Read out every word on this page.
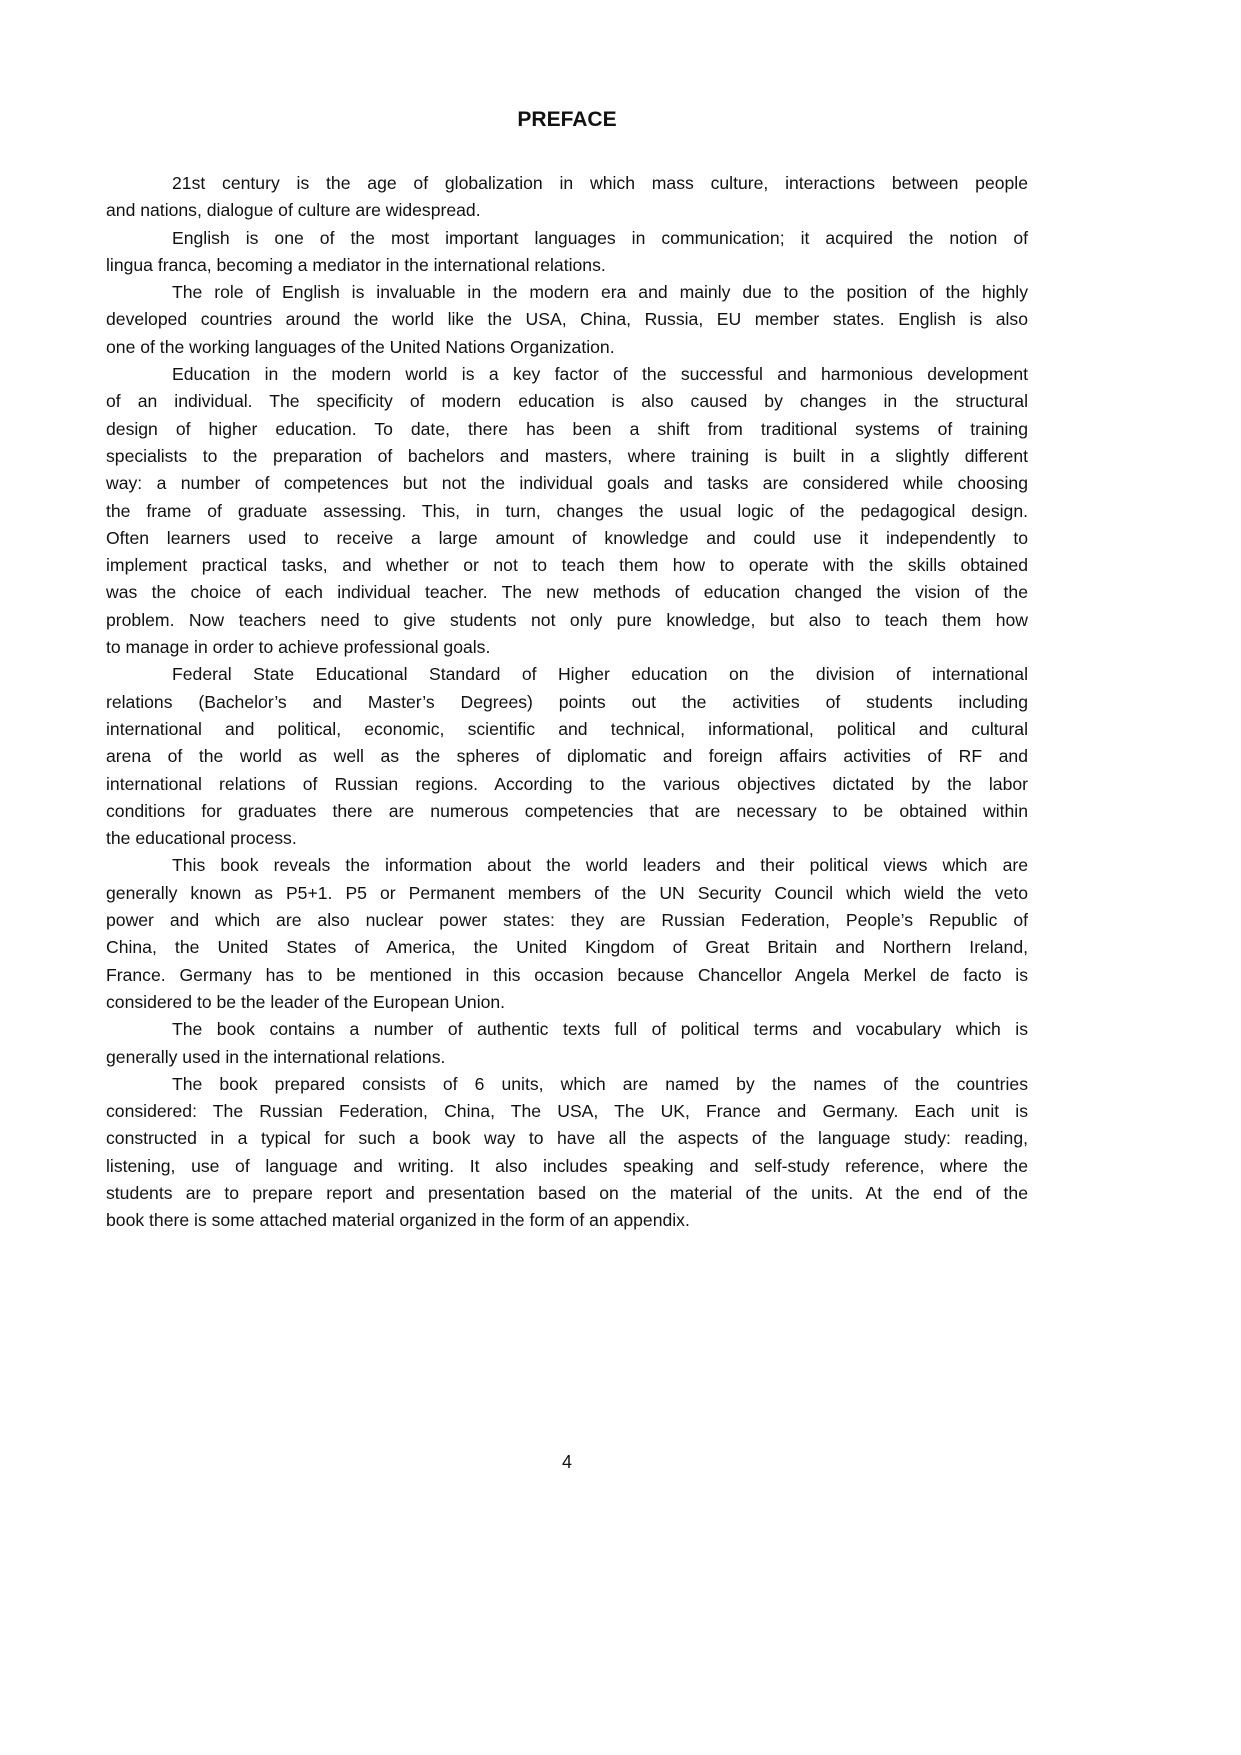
PREFACE
21st century is the age of globalization in which mass culture, interactions between people
and nations, dialogue of culture are widespread.
English is one of the most important languages in communication; it acquired the notion of
lingua franca, becoming a mediator in the international relations.
The role of English is invaluable in the modern era and mainly due to the position of the highly
developed countries around the world like the USA, China, Russia, EU member states. English is also
one of the working languages of the United Nations Organization.
Education in the modern world is a key factor of the successful and harmonious development
of an individual. The specificity of modern education is also caused by changes in the structural
design of higher education. To date, there has been a shift from traditional systems of training
specialists to the preparation of bachelors and masters, where training is built in a slightly different
way: a number of competences but not the individual goals and tasks are considered while choosing
the frame of graduate assessing. This, in turn, changes the usual logic of the pedagogical design.
Often learners used to receive a large amount of knowledge and could use it independently to
implement practical tasks, and whether or not to teach them how to operate with the skills obtained
was the choice of each individual teacher. The new methods of education changed the vision of the
problem. Now teachers need to give students not only pure knowledge, but also to teach them how
to manage in order to achieve professional goals.
Federal State Educational Standard of Higher education on the division of international
relations (Bachelor’s and Master’s Degrees) points out the activities of students including
international and political, economic, scientific and technical, informational, political and cultural
arena of the world as well as the spheres of diplomatic and foreign affairs activities of RF and
international relations of Russian regions. According to the various objectives dictated by the labor
conditions for graduates there are numerous competencies that are necessary to be obtained within
the educational process.
This book reveals the information about the world leaders and their political views which are
generally known as P5+1. P5 or Permanent members of the UN Security Council which wield the veto
power and which are also nuclear power states: they are Russian Federation, People’s Republic of
China, the United States of America, the United Kingdom of Great Britain and Northern Ireland,
France. Germany has to be mentioned in this occasion because Chancellor Angela Merkel de facto is
considered to be the leader of the European Union.
The book contains a number of authentic texts full of political terms and vocabulary which is
generally used in the international relations.
The book prepared consists of 6 units, which are named by the names of the countries
considered: The Russian Federation, China, The USA, The UK, France and Germany. Each unit is
constructed in a typical for such a book way to have all the aspects of the language study: reading,
listening, use of language and writing. It also includes speaking and self-study reference, where the
students are to prepare report and presentation based on the material of the units. At the end of the
book there is some attached material organized in the form of an appendix.
4
